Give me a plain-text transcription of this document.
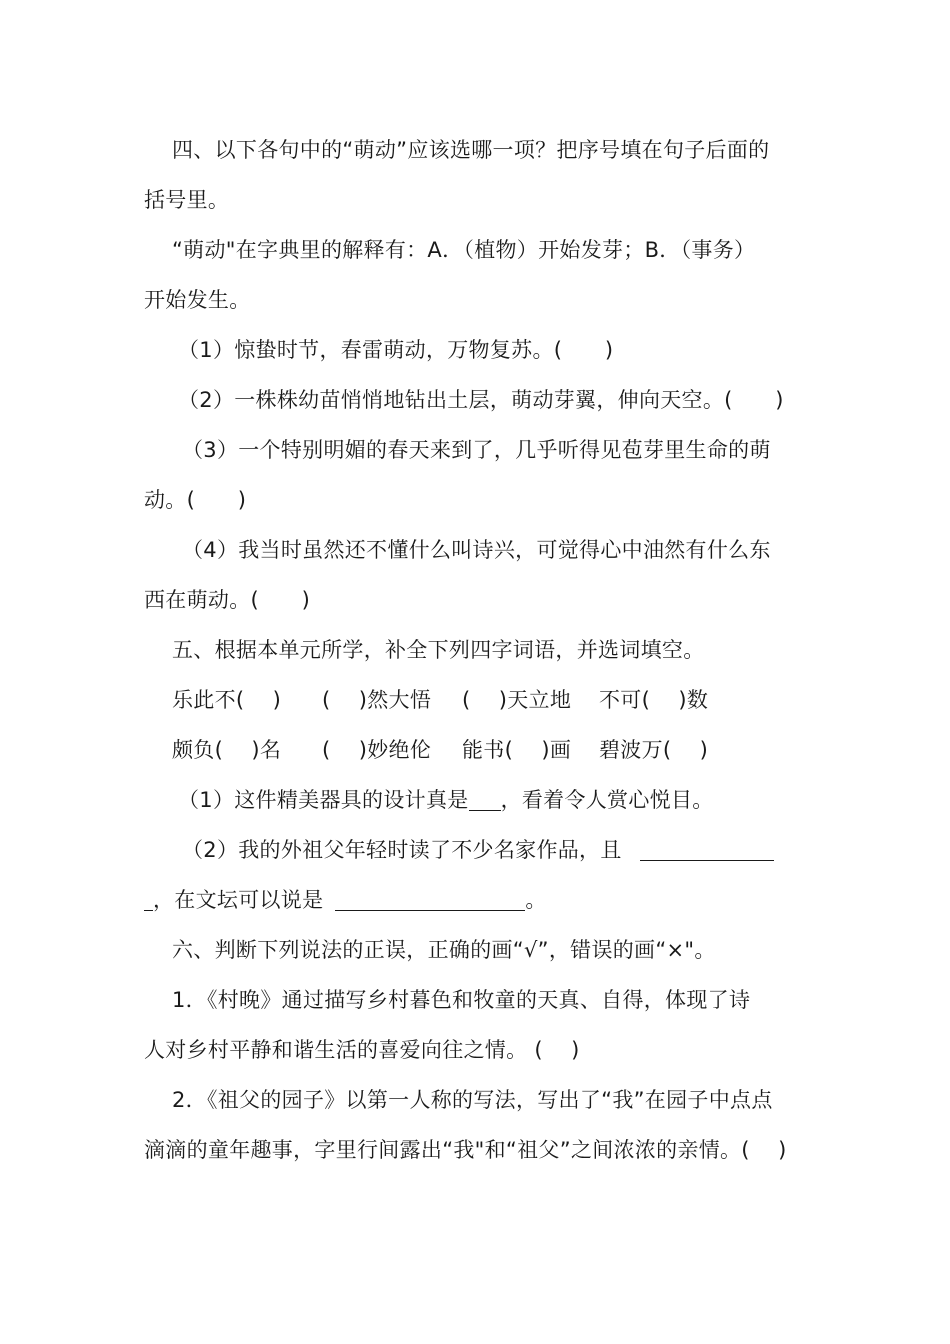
四、以下各句中的“萌动”应该选哪一项？把序号填在句子后面的
括号里。
“萌动"在字典里的解释有：A．（植物）开始发芽；B．（事务）
开始发生。
（1）惊蛰时节，春雷萌动，万物复苏。(　　)
（2）一株株幼苗悄悄地钻出土层，萌动芽翼，伸向天空。(　　)
（3）一个特别明媚的春天来到了，几乎听得见苞芽里生命的萌
动。(　　)
（4）我当时虽然还不懂什么叫诗兴，可觉得心中油然有什么东
西在萌动。(　　)
五、根据本单元所学，补全下列四字词语，并选词填空。
乐此不(　 ) (　 )然大悟 (　 )天立地 不可(　 )数
颇负(　 )名 (　 )妙绝伦 能书(　 )画 碧波万(　 )
（1）这件精美器具的设计真是 ，看着令人赏心悦目。
（2）我的外祖父年轻时读了不少名家作品，且
，在文坛可以说是	。
六、判断下列说法的正误，正确的画“√”，错误的画“×"。
1．《村晚》通过描写乡村暮色和牧童的天真、自得，体现了诗
人对乡村平静和谐生活的喜爱向往之情。 (　 )
2．《祖父的园子》以第一人称的写法，写出了“我”在园子中点点
滴滴的童年趣事，字里行间露出“我"和“祖父”之间浓浓的亲情。(　 )
